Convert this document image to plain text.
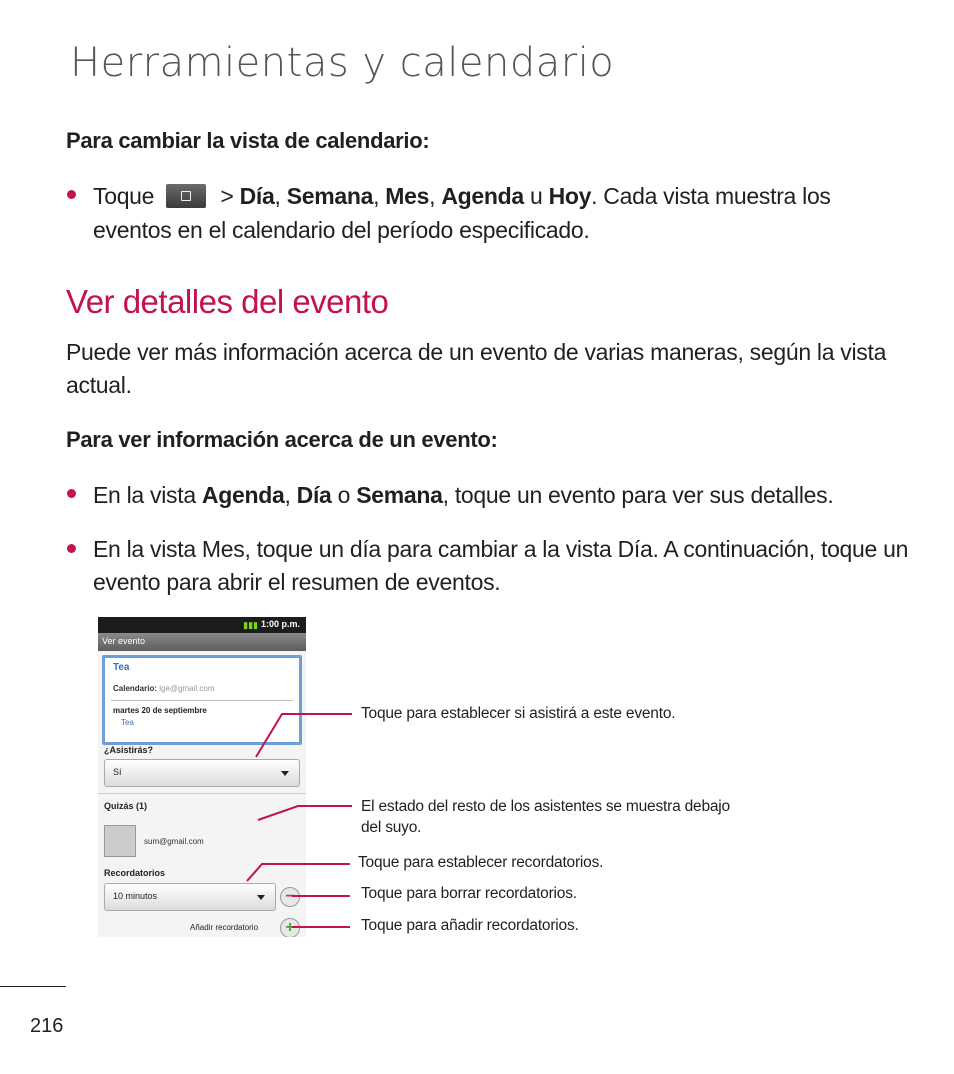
Herramientas y calendario
Para cambiar la vista de calendario:
Toque	> Día, Semana, Mes, Agenda u Hoy. Cada vista muestra los
eventos en el calendario del período especificado.
Ver detalles del evento
Puede ver más información acerca de un evento de varias maneras, según la vista
actual.
Para ver información acerca de un evento:
En la vista Agenda, Día o Semana, toque un evento para ver sus detalles.
En la vista Mes, toque un día para cambiar a la vista Día. A continuación, toque un
evento para abrir el resumen de eventos.
▮▮▮ 1:00 p.m.
Ver evento
Tea
Calendario: lge@gmail.com
martes 20 de septiembre
Tea
¿Asistirás?
Sí
Quizás (1)
sum@gmail.com
Recordatorios
10 minutos	−
Añadir recordatorio +
Toque para establecer si asistirá a este evento.
El estado del resto de los asistentes se muestra debajo
del suyo.
Toque para establecer recordatorios.
Toque para borrar recordatorios.
Toque para añadir recordatorios.
216
